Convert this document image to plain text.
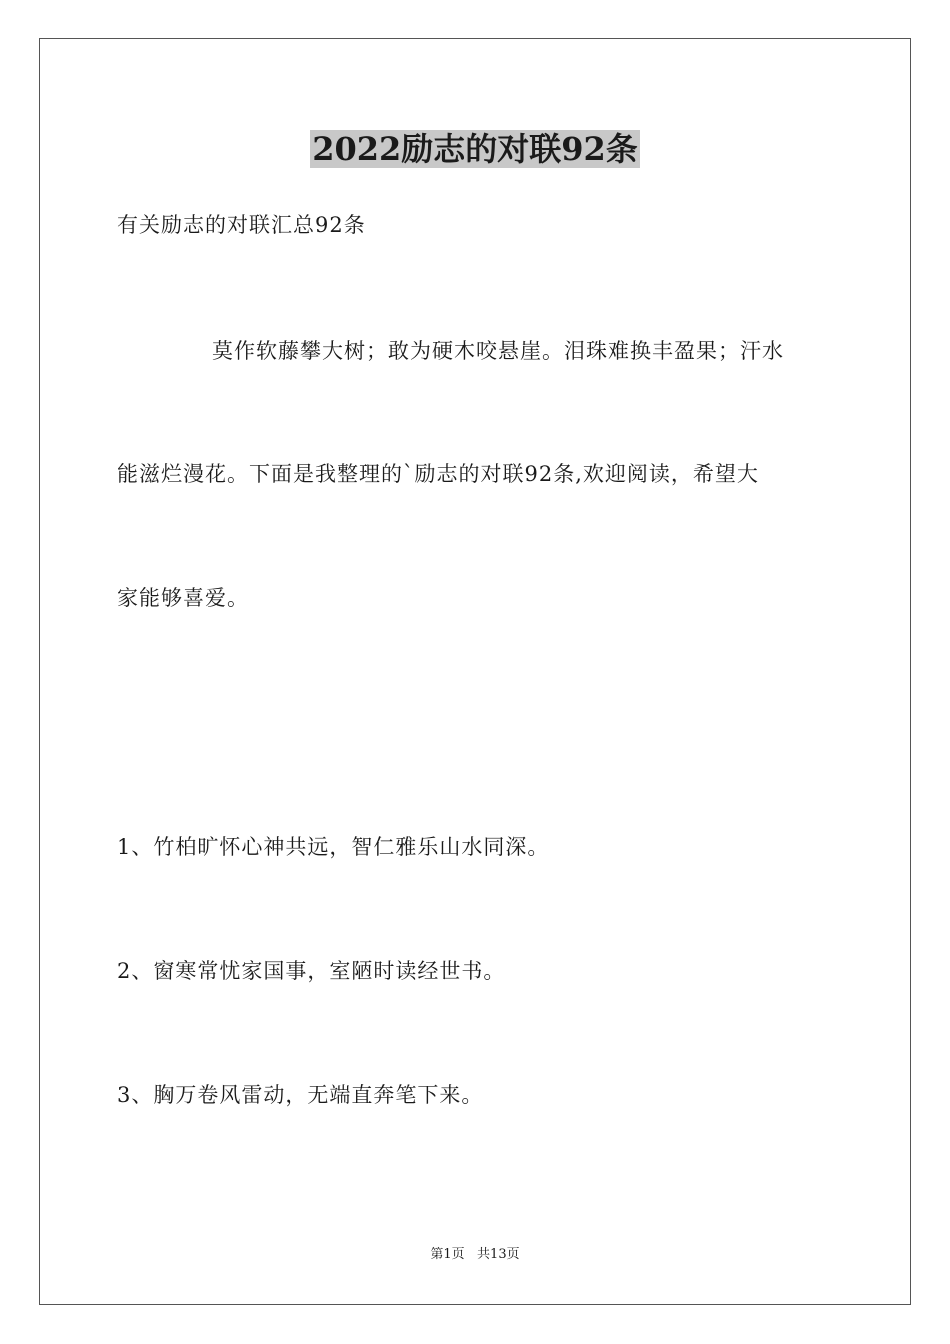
2022励志的对联92条
有关励志的对联汇总92条
莫作软藤攀大树；敢为硬木咬悬崖。泪珠难换丰盈果；汗水
能滋烂漫花。下面是我整理的`励志的对联92条,欢迎阅读，希望大
家能够喜爱。
1、竹柏旷怀心神共远，智仁雅乐山水同深。
2、窗寒常忧家国事，室陋时读经世书。
3、胸万卷风雷动，无端直奔笔下来。
第1页   共13页
